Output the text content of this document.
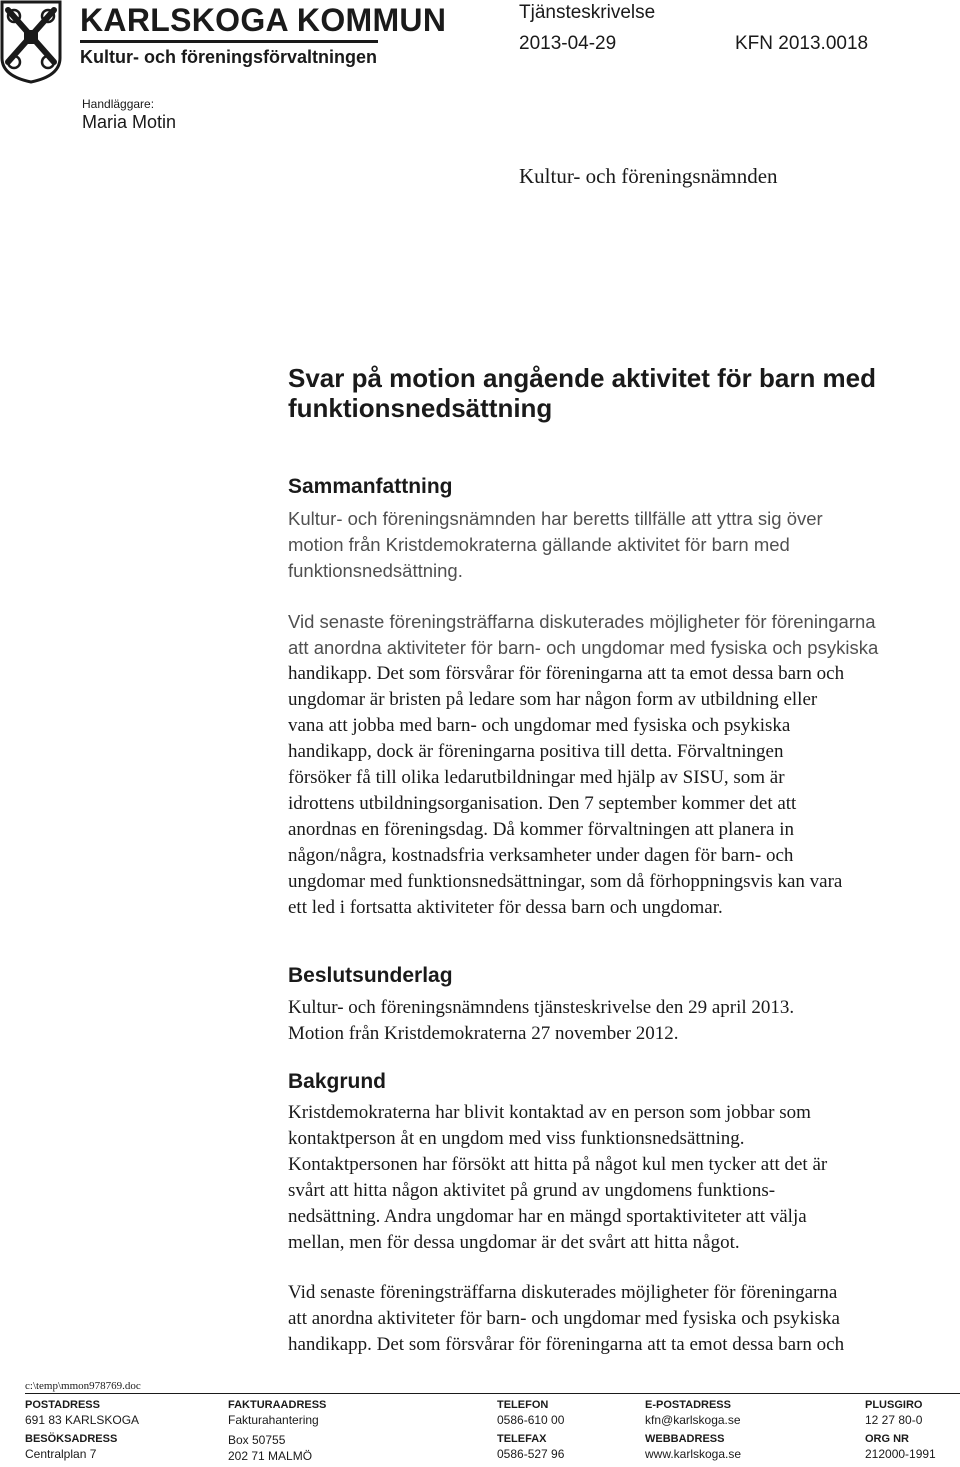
KARLSKOGA KOMMUN
Kultur- och föreningsförvaltningen
Tjänsteskrivelse
2013-04-29	KFN 2013.0018
Handläggare:
Maria Motin
Kultur- och föreningsnämnden
Svar på motion angående aktivitet för barn med
funktionsnedsättning
Sammanfattning
Kultur- och föreningsnämnden har beretts tillfälle att yttra sig över
motion från Kristdemokraterna gällande aktivitet för barn med
funktionsnedsättning.
Vid senaste föreningsträffarna diskuterades möjligheter för föreningarna
att anordna aktiviteter för barn- och ungdomar med fysiska och psykiska
handikapp. Det som försvårar för föreningarna att ta emot dessa barn och
ungdomar är bristen på ledare som har någon form av utbildning eller
vana att jobba med barn- och ungdomar med fysiska och psykiska
handikapp, dock är föreningarna positiva till detta. Förvaltningen
försöker få till olika ledarutbildningar med hjälp av SISU, som är
idrottens utbildningsorganisation. Den 7 september kommer det att
anordnas en föreningsdag. Då kommer förvaltningen att planera in
någon/några, kostnadsfria verksamheter under dagen för barn- och
ungdomar med funktionsnedsättningar, som då förhoppningsvis kan vara
ett led i fortsatta aktiviteter för dessa barn och ungdomar.
Beslutsunderlag
Kultur- och föreningsnämndens tjänsteskrivelse den 29 april 2013.
Motion från Kristdemokraterna 27 november 2012.
Bakgrund
Kristdemokraterna har blivit kontaktad av en person som jobbar som
kontaktperson åt en ungdom med viss funktionsnedsättning.
Kontaktpersonen har försökt att hitta på något kul men tycker att det är
svårt att hitta någon aktivitet på grund av ungdomens funktions-
nedsättning. Andra ungdomar har en mängd sportaktiviteter att välja
mellan, men för dessa ungdomar är det svårt att hitta något.
Vid senaste föreningsträffarna diskuterades möjligheter för föreningarna
att anordna aktiviteter för barn- och ungdomar med fysiska och psykiska
handikapp. Det som försvårar för föreningarna att ta emot dessa barn och
c:\temp\mmon978769.doc
POSTADRESS
691 83 KARLSKOGA
BESÖKSADRESS
Centralplan 7
FAKTURAADRESS
Fakturahantering
Box 50755
202 71 MALMÖ
TELEFON
0586-610 00
TELEFAX
0586-527 96
E-POSTADRESS
kfn@karlskoga.se
WEBBADRESS
www.karlskoga.se
PLUSGIRO
12 27 80-0
ORG NR
212000-1991
